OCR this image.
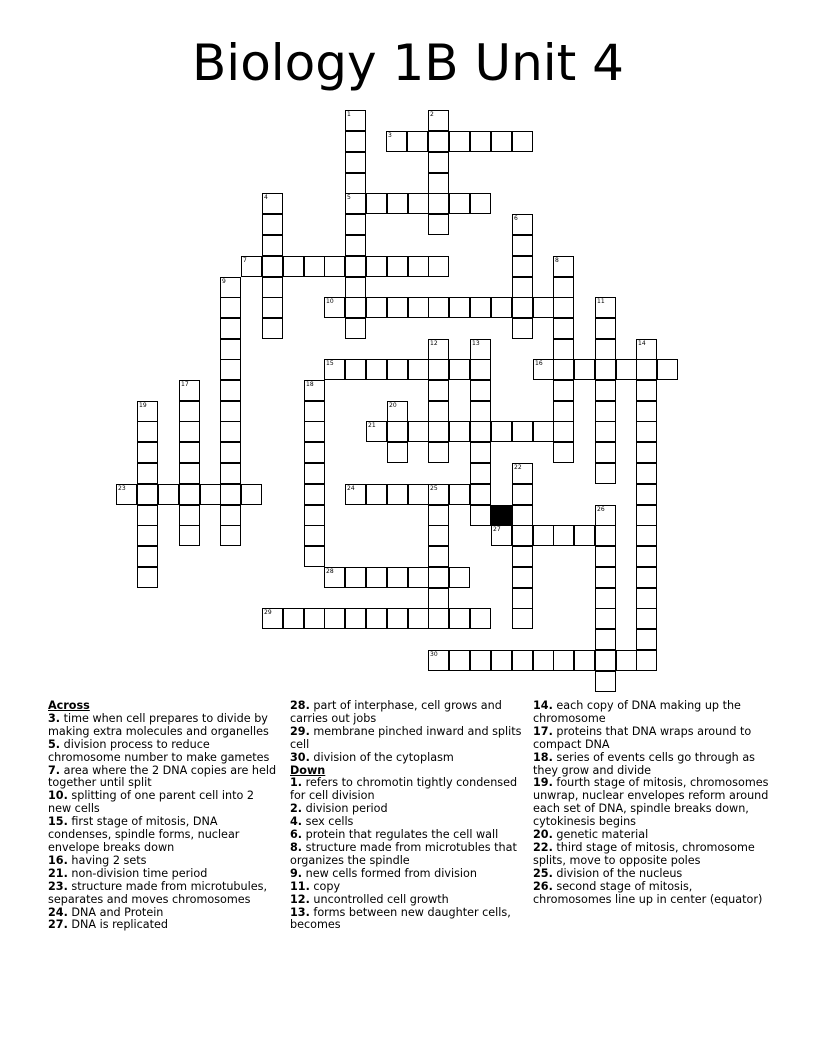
Biology 1B Unit 4
1	2
3
4	5
6
7	8
9
10	11
12	13	14
15	16
17	18
19	20
21
22
23	24	25
26
27
28
29
30
Across

3. time when cell prepares to divide by making extra molecules and organelles

5. division process to reduce chromosome number to make gametes

7. area where the 2 DNA copies are held together until split

10. splitting of one parent cell into 2 new cells

15. first stage of mitosis, DNA condenses, spindle forms, nuclear envelope breaks down

16. having 2 sets

21. non-division time period

23. structure made from microtubules, separates and moves chromosomes

24. DNA and Protein

27. DNA is replicated

28. part of interphase, cell grows and carries out jobs

29. membrane pinched inward and splits cell

30. division of the cytoplasm

Down

1. refers to chromotin tightly condensed for cell division

2. division period

4. sex cells

6. protein that regulates the cell wall

8. structure made from microtubles that organizes the spindle

9. new cells formed from division

11. copy

12. uncontrolled cell growth

13. forms between new daughter cells, becomes

14. each copy of DNA making up the chromosome

17. proteins that DNA wraps around to compact DNA

18. series of events cells go through as they grow and divide

19. fourth stage of mitosis, chromosomes unwrap, nuclear envelopes reform around each set of DNA, spindle breaks down, cytokinesis begins

20. genetic material

22. third stage of mitosis, chromosome splits, move to opposite poles

25. division of the nucleus

26. second stage of mitosis, chromosomes line up in center (equator)
